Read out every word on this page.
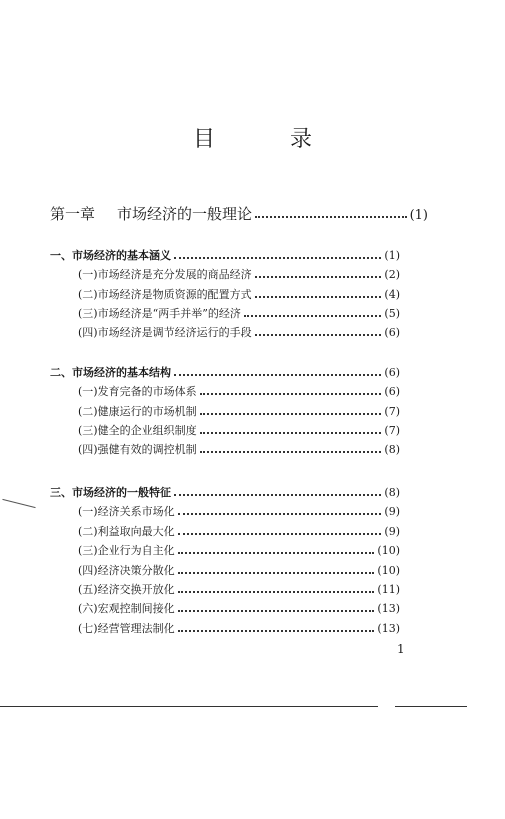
目 录
第一章 市场经济的一般理论	(1)
一、市场经济的基本涵义	(1)
(一)市场经济是充分发展的商品经济	(2)
(二)市场经济是物质资源的配置方式	(4)
(三)市场经济是“两手并举”的经济	(5)
(四)市场经济是调节经济运行的手段	(6)
二、市场经济的基本结构	(6)
(一)发育完备的市场体系	(6)
(二)健康运行的市场机制	(7)
(三)健全的企业组织制度	(7)
(四)强健有效的调控机制	(8)
三、市场经济的一般特征	(8)
(一)经济关系市场化	(9)
(二)利益取向最大化	(9)
(三)企业行为自主化	(10)
(四)经济决策分散化	(10)
(五)经济交换开放化	(11)
(六)宏观控制间接化	(13)
(七)经营管理法制化	(13)
1
